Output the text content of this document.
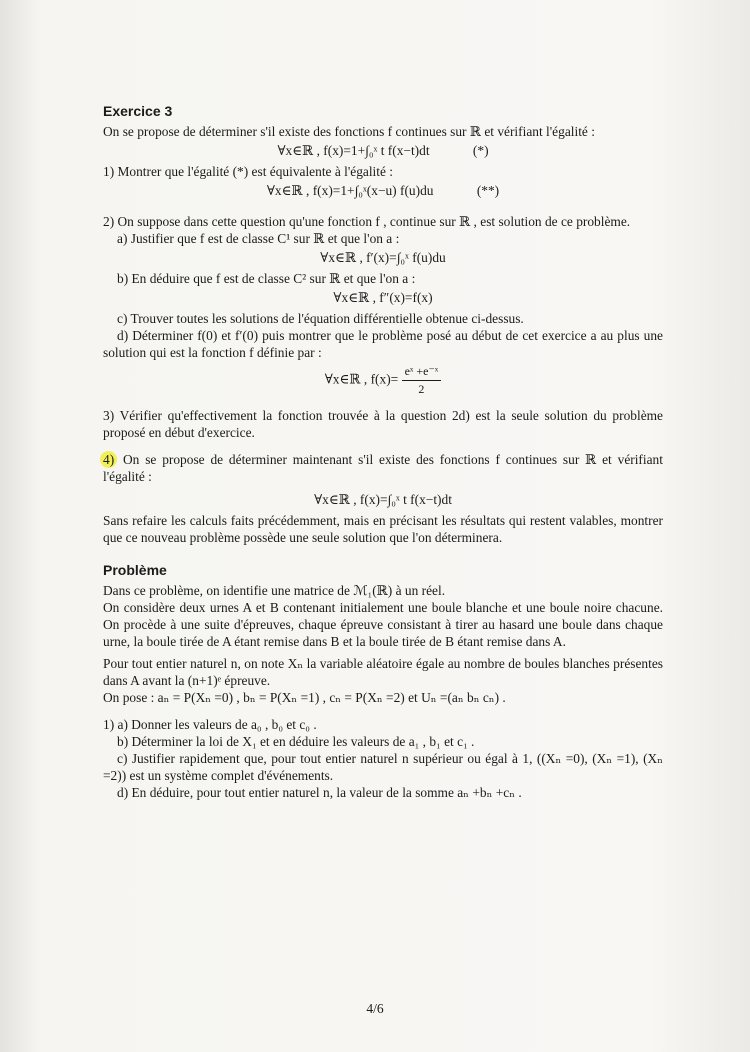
Exercice 3

On se propose de déterminer s'il existe des fonctions f continues sur ℝ et vérifiant l'égalité :

∀x∈ℝ , f(x)=1+∫₀ˣ t f(x−t)dt	(*)

1) Montrer que l'égalité (*) est équivalente à l'égalité :

∀x∈ℝ , f(x)=1+∫₀ˣ(x−u) f(u)du	(**)

2) On suppose dans cette question qu'une fonction f , continue sur ℝ , est solution de ce problème.

a) Justifier que f est de classe C¹ sur ℝ et que l'on a :

∀x∈ℝ , f′(x)=∫₀ˣ f(u)du

b) En déduire que f est de classe C² sur ℝ et que l'on a :

∀x∈ℝ , f″(x)=f(x)

c) Trouver toutes les solutions de l'équation différentielle obtenue ci-dessus.

d) Déterminer f(0) et f′(0) puis montrer que le problème posé au début de cet exercice a au plus une solution qui est la fonction f définie par :

∀x∈ℝ , $f(x)= \frac{\text{eˣ +e⁻ˣ}}{2}$

3) Vérifier qu'effectivement la fonction trouvée à la question 2d) est la seule solution du problème proposé en début d'exercice.

4) On se propose de déterminer maintenant s'il existe des fonctions f continues sur ℝ et vérifiant l'égalité :

∀x∈ℝ , f(x)=∫₀ˣ t f(x−t)dt

Sans refaire les calculs faits précédemment, mais en précisant les résultats qui restent valables, montrer que ce nouveau problème possède une seule solution que l'on déterminera.

Problème

Dans ce problème, on identifie une matrice de ℳ₁(ℝ) à un réel.

On considère deux urnes A et B contenant initialement une boule blanche et une boule noire chacune. On procède à une suite d'épreuves, chaque épreuve consistant à tirer au hasard une boule dans chaque urne, la boule tirée de A étant remise dans B et la boule tirée de B étant remise dans A.

Pour tout entier naturel n, on note Xₙ la variable aléatoire égale au nombre de boules blanches présentes dans A avant la (n+1)ᵉ épreuve.

On pose : aₙ = P(Xₙ =0) , bₙ = P(Xₙ =1) , cₙ = P(Xₙ =2) et Uₙ =(aₙ bₙ cₙ) .

1) a) Donner les valeurs de a₀ , b₀ et c₀ .

b) Déterminer la loi de X₁ et en déduire les valeurs de a₁ , b₁ et c₁ .

c) Justifier rapidement que, pour tout entier naturel n supérieur ou égal à 1, ((Xₙ =0), (Xₙ =1), (Xₙ =2)) est un système complet d'événements.

d) En déduire, pour tout entier naturel n, la valeur de la somme aₙ +bₙ +cₙ .

4/6
